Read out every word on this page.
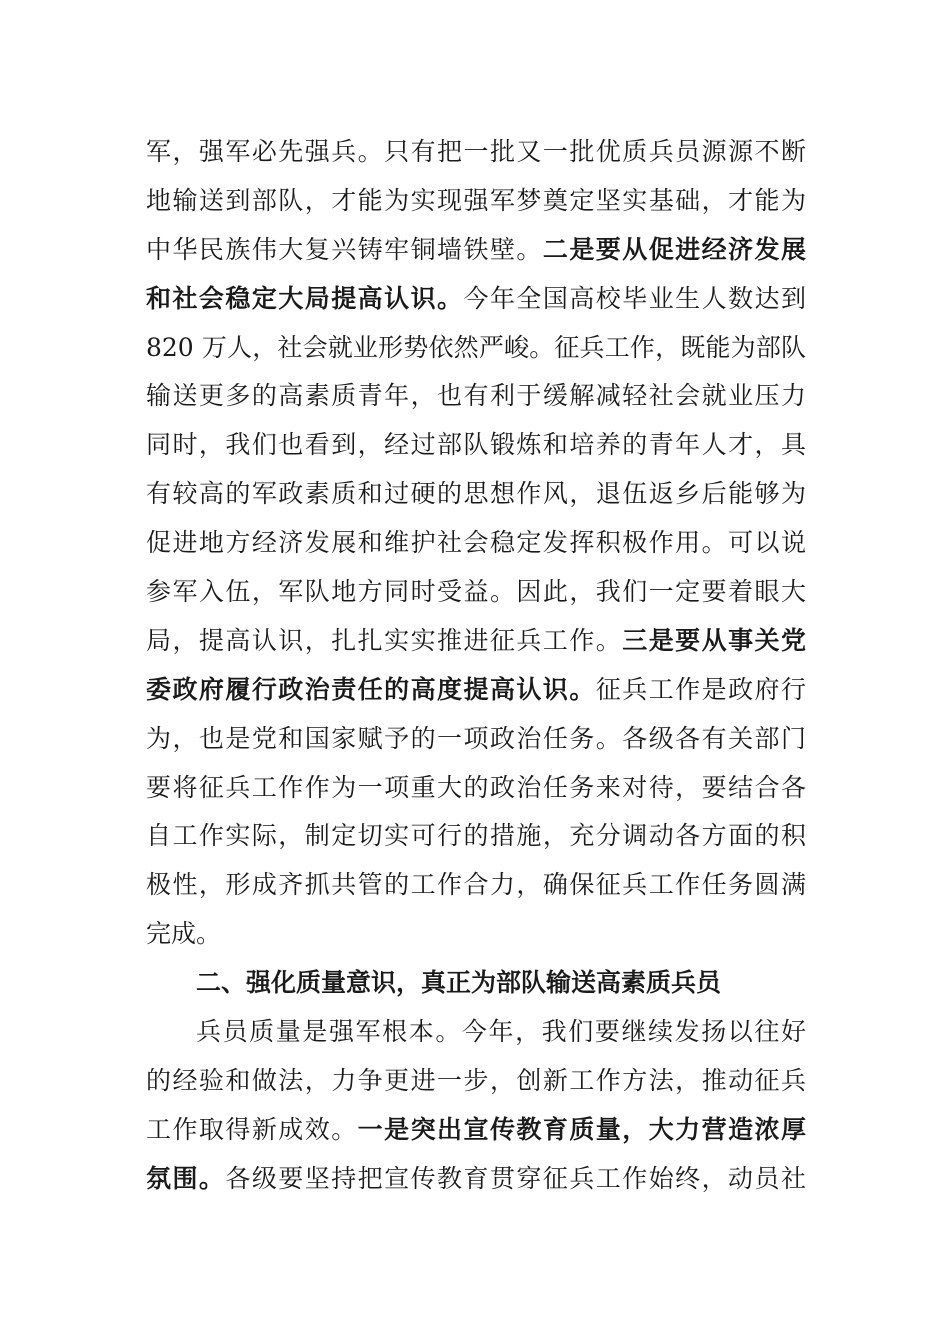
军，强军必先强兵。只有把一批又一批优质兵员源源不断
地输送到部队，才能为实现强军梦奠定坚实基础，才能为
中华民族伟大复兴铸牢铜墙铁壁。二是要从促进经济发展
和社会稳定大局提高认识。今年全国高校毕业生人数达到
820 万人，社会就业形势依然严峻。征兵工作，既能为部队
输送更多的高素质青年，也有利于缓解减轻社会就业压力
同时，我们也看到，经过部队锻炼和培养的青年人才，具
有较高的军政素质和过硬的思想作风，退伍返乡后能够为
促进地方经济发展和维护社会稳定发挥积极作用。可以说
参军入伍，军队地方同时受益。因此，我们一定要着眼大
局，提高认识，扎扎实实推进征兵工作。三是要从事关党
委政府履行政治责任的高度提高认识。征兵工作是政府行
为，也是党和国家赋予的一项政治任务。各级各有关部门
要将征兵工作作为一项重大的政治任务来对待，要结合各
自工作实际，制定切实可行的措施，充分调动各方面的积
极性，形成齐抓共管的工作合力，确保征兵工作任务圆满
完成。
二、强化质量意识，真正为部队输送高素质兵员
兵员质量是强军根本。今年，我们要继续发扬以往好
的经验和做法，力争更进一步，创新工作方法，推动征兵
工作取得新成效。一是突出宣传教育质量，大力营造浓厚
氛围。各级要坚持把宣传教育贯穿征兵工作始终，动员社
